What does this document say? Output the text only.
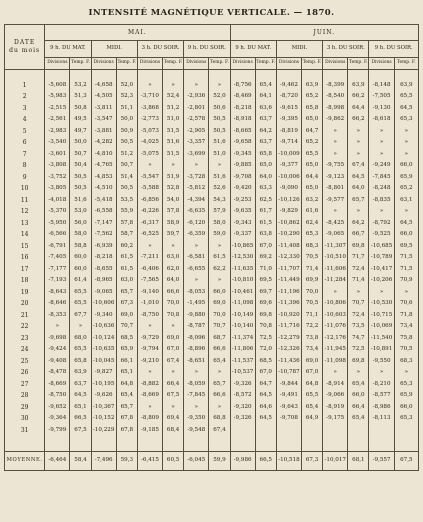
INTENSITÉ MAGNÉTIQUE VERTICALE. — 1870.
DATE
du mois	MAI.								JUIN.							
	9 h. DU MAT.		MIDI.		3 h. DU SOIR.		9 h. DU SOIR.		9 h. DU MAT.		MIDI.		3 h. DU SOIR.		9 h. DU SOIR.	
	Divisions	Temp. F.	Divisions	Temp. F.	Divisions	Temp. F.	Divisions	Temp. F.	Divisions	Temp. F.	Divisions	Temp. F.	Divisions	Temp. F.	Divisions	Temp. F.

1	-5,608	53,2	-4,658	52,0	»	»	»	»	-8,756	65,4	-9,462	63,9	-8,399	63,9	-8,148	63,9
2	-5,983	51,3	-4,505	52,3	-3,710	52,4	-2,936	52,0	-8,469	64,1	-8,720	65,2	-8,540	66,2	-7,505	65,5
3	-2,515	50,8	-3,811	51,1	-3,868	51,2	-2,801	50,6	-8,218	63,6	-9,615	65,8	-8,998	64,4	-9,130	64,5
4	-2,561	49,5	-3,547	50,0	-2,773	51,0	-2,578	50,5	-8,918	63,7	-9,395	65,0	-9,862	66,2	-8,618	65,3
5	-2,983	49,7	-3,881	50,9	-5,073	51,5	-2,905	50,5	-8,665	64,2	-8,819	64,7	»	»	»	»
6	-3,540	50,0	-4,282	50,5	-4,025	51,6	-3,357	51,6	-9,658	63,7	-9,714	65,2	»	»	»	»
7	-3,601	50,7	-4,810	51,2	-5,075	51,5	-3,699	51,0	-9,345	65,8	-10,009	65,5	»	»	»	»
8	-3,808	50,4	-4,765	50,7	»	»	»	»	-9,885	65,0	-9,377	65,0	-9,755	67,4	-9,249	66,0
9	-3,752	50,5	-4,853	51,4	-5,547	51,9	-3,728	51,6	-9,708	64,0	-10,006	64,4	-9,123	64,5	-7,845	65,9
10	-3,805	50,5	-4,510	50,5	-5,588	52,8	-5,812	52,6	-9,420	63,3	-9,090	65,0	-8,801	64,0	-8,248	65,2
11	-4,018	51,6	-5,418	53,5	-6,856	54,0	-4,394	54,3	-9,253	62,5	-10,126	63,2	-9,577	65,7	-8,835	63,1
12	-5,370	53,0	-6,558	55,9	-6,226	57,8	-6,635	57,9	-9,635	61,7	-9,829	61,6	»	»	»	»
13	-5,950	56,0	-7,147	57,8	-6,317	58,9	-6,120	58,0	-9,343	61,5	-10,862	62,4	-8,425	64,2	-8,792	64,5
14	-6,566	58,0	-7,562	58,7	-6,525	59,7	-6,359	59,0	-9,337	63,8	-10,290	65,3	-9,065	66,7	-9,525	66,0
15	-6,791	58,8	-6,939	60,2	»	»	»	»	-10,865	67,0	-11,408	68,3	-11,307	69,8	-10,685	69,5
16	-7,405	60,0	-8,218	61,5	-7,211	63,0	-6,581	61,5	-12,530	69,2	-12,330	70,5	-10,510	71,7	-10,789	71,5
17	-7,177	60,0	-8,655	61,5	-6,406	62,0	-6,655	62,2	-11,635	71,0	-11,707	71,4	-11,606	72,4	-10,417	71,5
18	-7,193	61,4	-8,965	63,0	-7,565	64,0	»	»	-10,810	69,5	-11,449	69,9	-11,284	71,4	-10,206	70,9
19	-8,643	65,5	-9,065	65,7	-9,140	66,6	-8,053	66,0	-10,461	69,7	-11,196	70,0	»	»	»	»
20	-8,646	65,5	-10,606	67,3	-1,010	70,0	-1,495	69,0	-11,098	69,6	-11,396	70,5	-10,806	70,7	-10,530	70,6
21	-8,353	67,7	-9,340	69,0	-8,750	70,8	-9,880	70,0	-10,149	69,8	-10,920	71,1	-10,603	72,4	-10,715	71,8
22	»	»	-10,636	70,7	»	»	-8,787	70,7	-10,140	70,8	-11,716	72,2	-11,076	73,5	-10,069	73,4
23	-9,698	68,0	-10,124	68,5	-9,729	69,0	-8,096	68,7	-11,374	72,5	-12,279	73,8	-12,176	74,7	-11,540	75,8
24	-9,424	65,5	-10,635	65,9	-9,794	67,0	-8,896	66,6	-11,806	72,0	-12,326	73,4	-11,945	72,5	-10,891	70,5
25	-9,408	65,8	-10,045	66,1	-9,210	67,4	-8,651	65,4	-11,537	68,5	-11,436	69,0	-11,098	69,8	-9,550	68,3
26	-8,478	63,9	-9,827	65,1	»	»	»	»	-10,537	67,0	-10,787	67,0	»	»	»	»
27	-8,669	63,7	-10,195	64,8	-8,882	66,4	-8,059	65,7	-9,326	64,7	-9,844	64,8	-8,914	65,4	-8,210	65,3
28	-8,750	64,5	-9,626	65,4	-8,669	67,5	-7,845	66,6	-8,572	64,5	-9,491	65,5	-9,066	66,0	-8,577	65,9
29	-9,652	65,1	-10,367	65,7	»	»	»	»	-9,320	64,6	-9,643	65,4	-8,919	66,4	-8,986	66,0
30	-9,364	66,5	-10,152	67,8	-8,809	69,4	-9,350	68,8	-9,326	64,5	-9,708	64,9	-9,175	65,4	-8,113	65,3
31	-9,799	67,5	-10,229	67,8	-9,185	68,4	-9,548	67,4								

MOYENNE.	-6,464	58,4	-7,496	59,3	-6,415	60,5	-6,045	59,9	-9,986	66,5	-10,518	67,3	-10,017	68,1	-9,557	67,5
